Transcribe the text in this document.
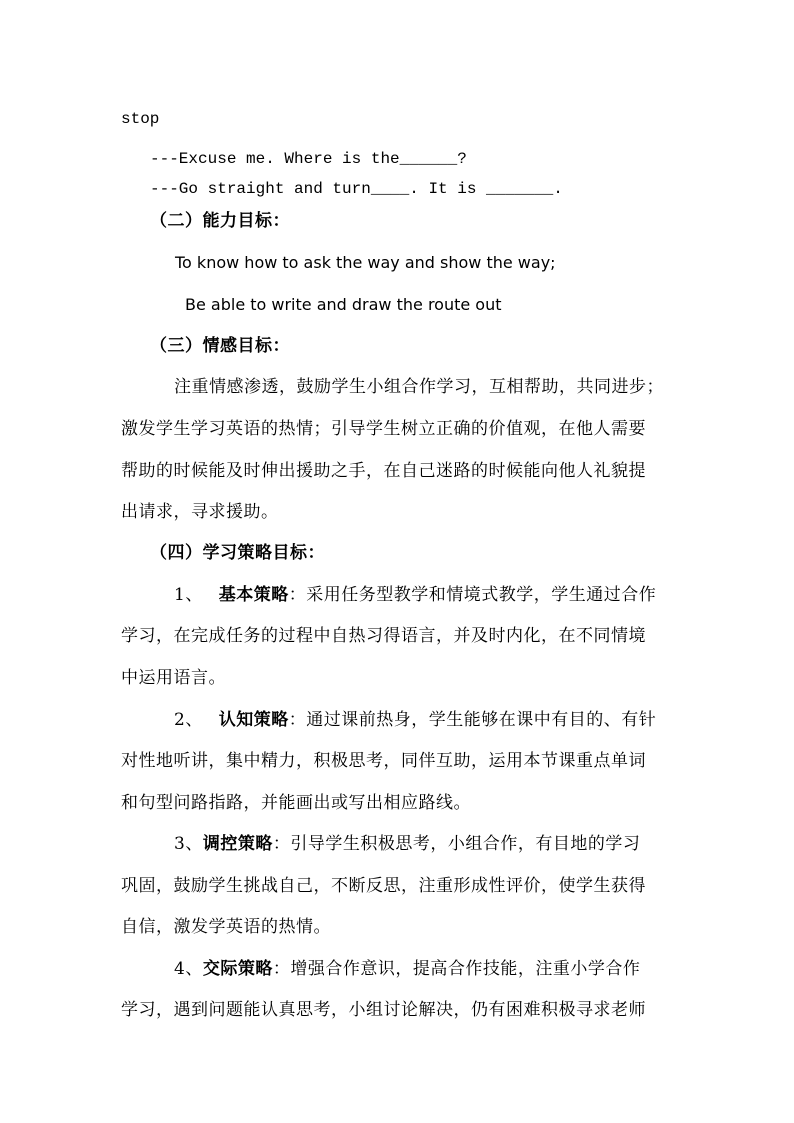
stop
---Excuse me. Where is the______?
---Go straight and turn____. It is _______.
（二）能力目标：
To know how to ask the way and show the way;
Be able to write and draw the route out
（三）情感目标：
注重情感渗透，鼓励学生小组合作学习，互相帮助，共同进步；
激发学生学习英语的热情；引导学生树立正确的价值观，在他人需要
帮助的时候能及时伸出援助之手，在自己迷路的时候能向他人礼貌提
出请求，寻求援助。
（四）学习策略目标：
1、 基本策略：采用任务型教学和情境式教学，学生通过合作
学习，在完成任务的过程中自热习得语言，并及时内化，在不同情境
中运用语言。
2、 认知策略：通过课前热身，学生能够在课中有目的、有针
对性地听讲，集中精力，积极思考，同伴互助，运用本节课重点单词
和句型问路指路，并能画出或写出相应路线。
3、调控策略：引导学生积极思考，小组合作，有目地的学习
巩固，鼓励学生挑战自己，不断反思，注重形成性评价，使学生获得
自信，激发学英语的热情。
4、交际策略：增强合作意识，提高合作技能，注重小学合作
学习，遇到问题能认真思考，小组讨论解决，仍有困难积极寻求老师
